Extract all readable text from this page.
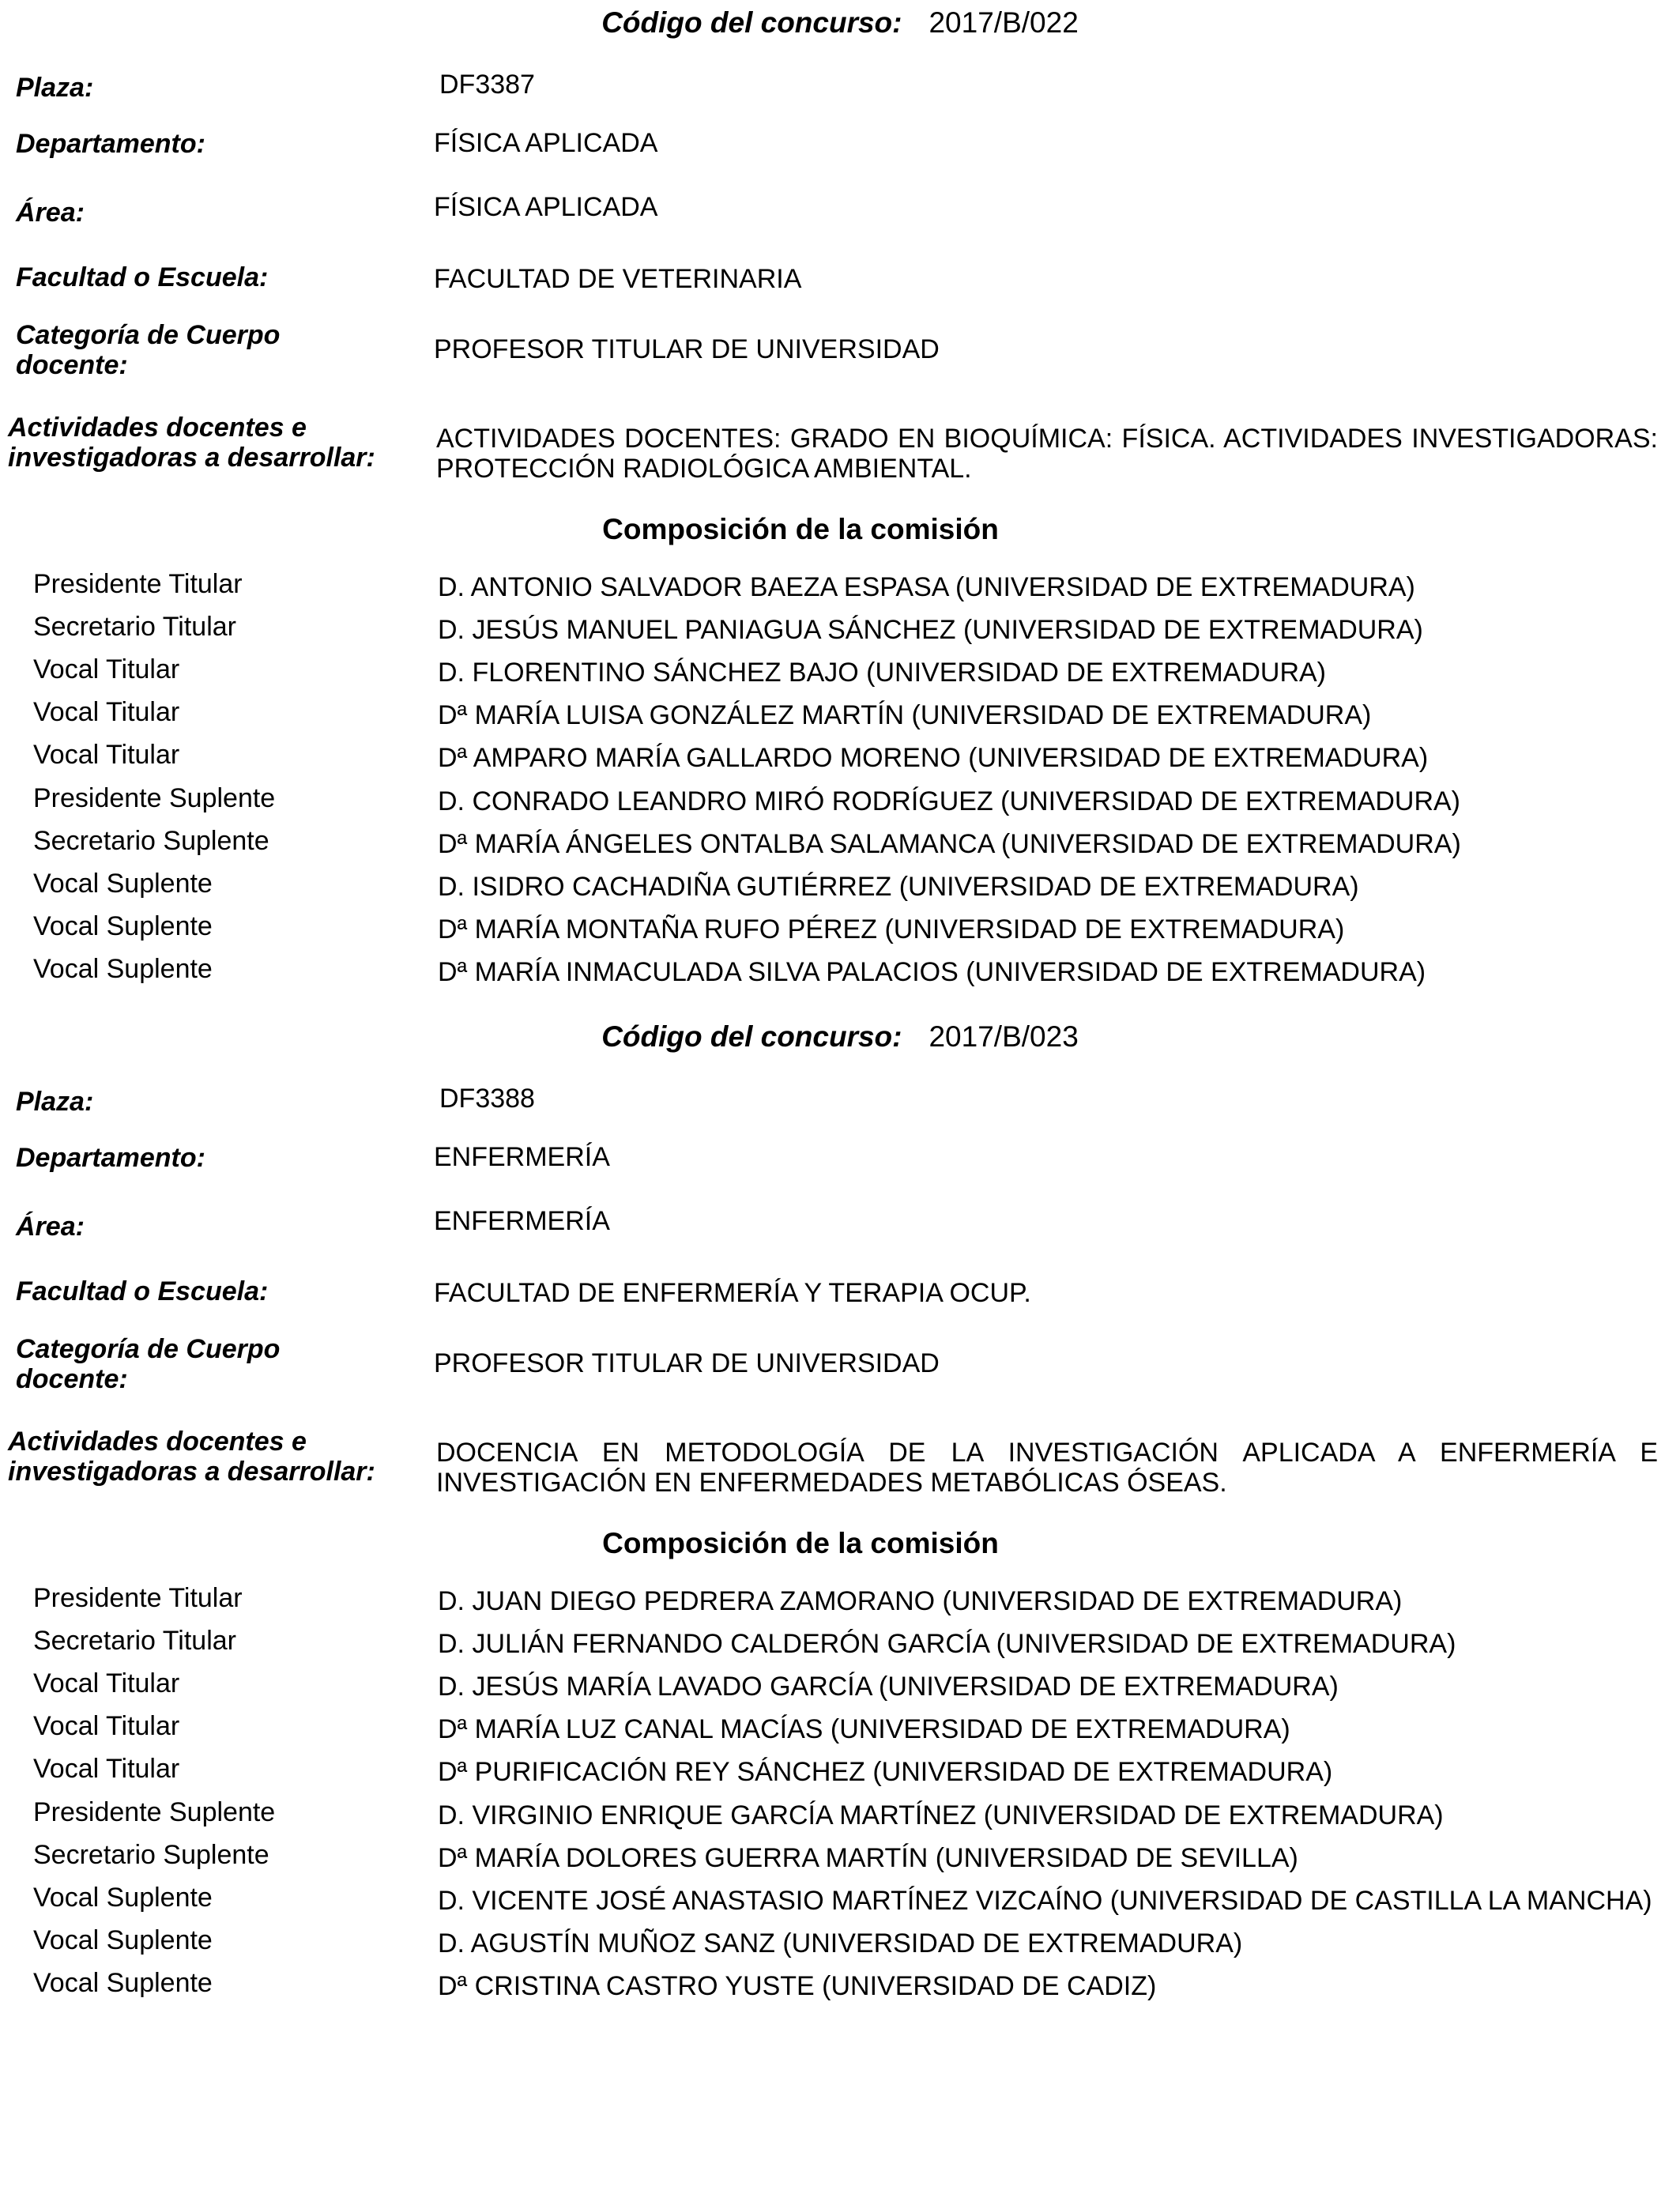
Código del concurso: 2017/B/022
Plaza:	DF3387
Departamento:	FÍSICA APLICADA
Área:	FÍSICA APLICADA
Facultad o Escuela:	FACULTAD DE VETERINARIA
Categoría de Cuerpo
docente:
PROFESOR TITULAR DE UNIVERSIDAD
Actividades docentes e
investigadoras a desarrollar:
ACTIVIDADES DOCENTES: GRADO EN BIOQUÍMICA: FÍSICA. ACTIVIDADES INVESTIGADORAS: PROTECCIÓN RADIOLÓGICA AMBIENTAL.
Composición de la comisión
Presidente Titular	D. ANTONIO SALVADOR BAEZA ESPASA (UNIVERSIDAD DE EXTREMADURA)
Secretario Titular	D. JESÚS MANUEL PANIAGUA SÁNCHEZ (UNIVERSIDAD DE EXTREMADURA)
Vocal Titular	D. FLORENTINO SÁNCHEZ BAJO (UNIVERSIDAD DE EXTREMADURA)
Vocal Titular	Dª MARÍA LUISA GONZÁLEZ MARTÍN (UNIVERSIDAD DE EXTREMADURA)
Vocal Titular	Dª AMPARO MARÍA GALLARDO MORENO (UNIVERSIDAD DE EXTREMADURA)
Presidente Suplente	D. CONRADO LEANDRO MIRÓ RODRÍGUEZ (UNIVERSIDAD DE EXTREMADURA)
Secretario Suplente	Dª MARÍA ÁNGELES ONTALBA SALAMANCA (UNIVERSIDAD DE EXTREMADURA)
Vocal Suplente	D. ISIDRO CACHADIÑA GUTIÉRREZ (UNIVERSIDAD DE EXTREMADURA)
Vocal Suplente	Dª MARÍA MONTAÑA RUFO PÉREZ (UNIVERSIDAD DE EXTREMADURA)
Vocal Suplente	Dª MARÍA INMACULADA SILVA PALACIOS (UNIVERSIDAD DE EXTREMADURA)
Código del concurso: 2017/B/023
Plaza:	DF3388
Departamento:	ENFERMERÍA
Área:	ENFERMERÍA
Facultad o Escuela:	FACULTAD DE ENFERMERÍA Y TERAPIA OCUP.
Categoría de Cuerpo
docente:
PROFESOR TITULAR DE UNIVERSIDAD
Actividades docentes e
investigadoras a desarrollar:
DOCENCIA EN METODOLOGÍA DE LA INVESTIGACIÓN APLICADA A ENFERMERÍA E INVESTIGACIÓN EN ENFERMEDADES METABÓLICAS ÓSEAS.
Composición de la comisión
Presidente Titular	D. JUAN DIEGO PEDRERA ZAMORANO (UNIVERSIDAD DE EXTREMADURA)
Secretario Titular	D. JULIÁN FERNANDO CALDERÓN GARCÍA (UNIVERSIDAD DE EXTREMADURA)
Vocal Titular	D. JESÚS MARÍA LAVADO GARCÍA (UNIVERSIDAD DE EXTREMADURA)
Vocal Titular	Dª MARÍA LUZ CANAL MACÍAS (UNIVERSIDAD DE EXTREMADURA)
Vocal Titular	Dª PURIFICACIÓN REY SÁNCHEZ (UNIVERSIDAD DE EXTREMADURA)
Presidente Suplente	D. VIRGINIO ENRIQUE GARCÍA MARTÍNEZ (UNIVERSIDAD DE EXTREMADURA)
Secretario Suplente	Dª MARÍA DOLORES GUERRA MARTÍN (UNIVERSIDAD DE SEVILLA)
Vocal Suplente	D. VICENTE JOSÉ ANASTASIO MARTÍNEZ VIZCAÍNO (UNIVERSIDAD DE CASTILLA LA MANCHA)
Vocal Suplente	D. AGUSTÍN MUÑOZ SANZ (UNIVERSIDAD DE EXTREMADURA)
Vocal Suplente	Dª CRISTINA CASTRO YUSTE (UNIVERSIDAD DE CADIZ)
